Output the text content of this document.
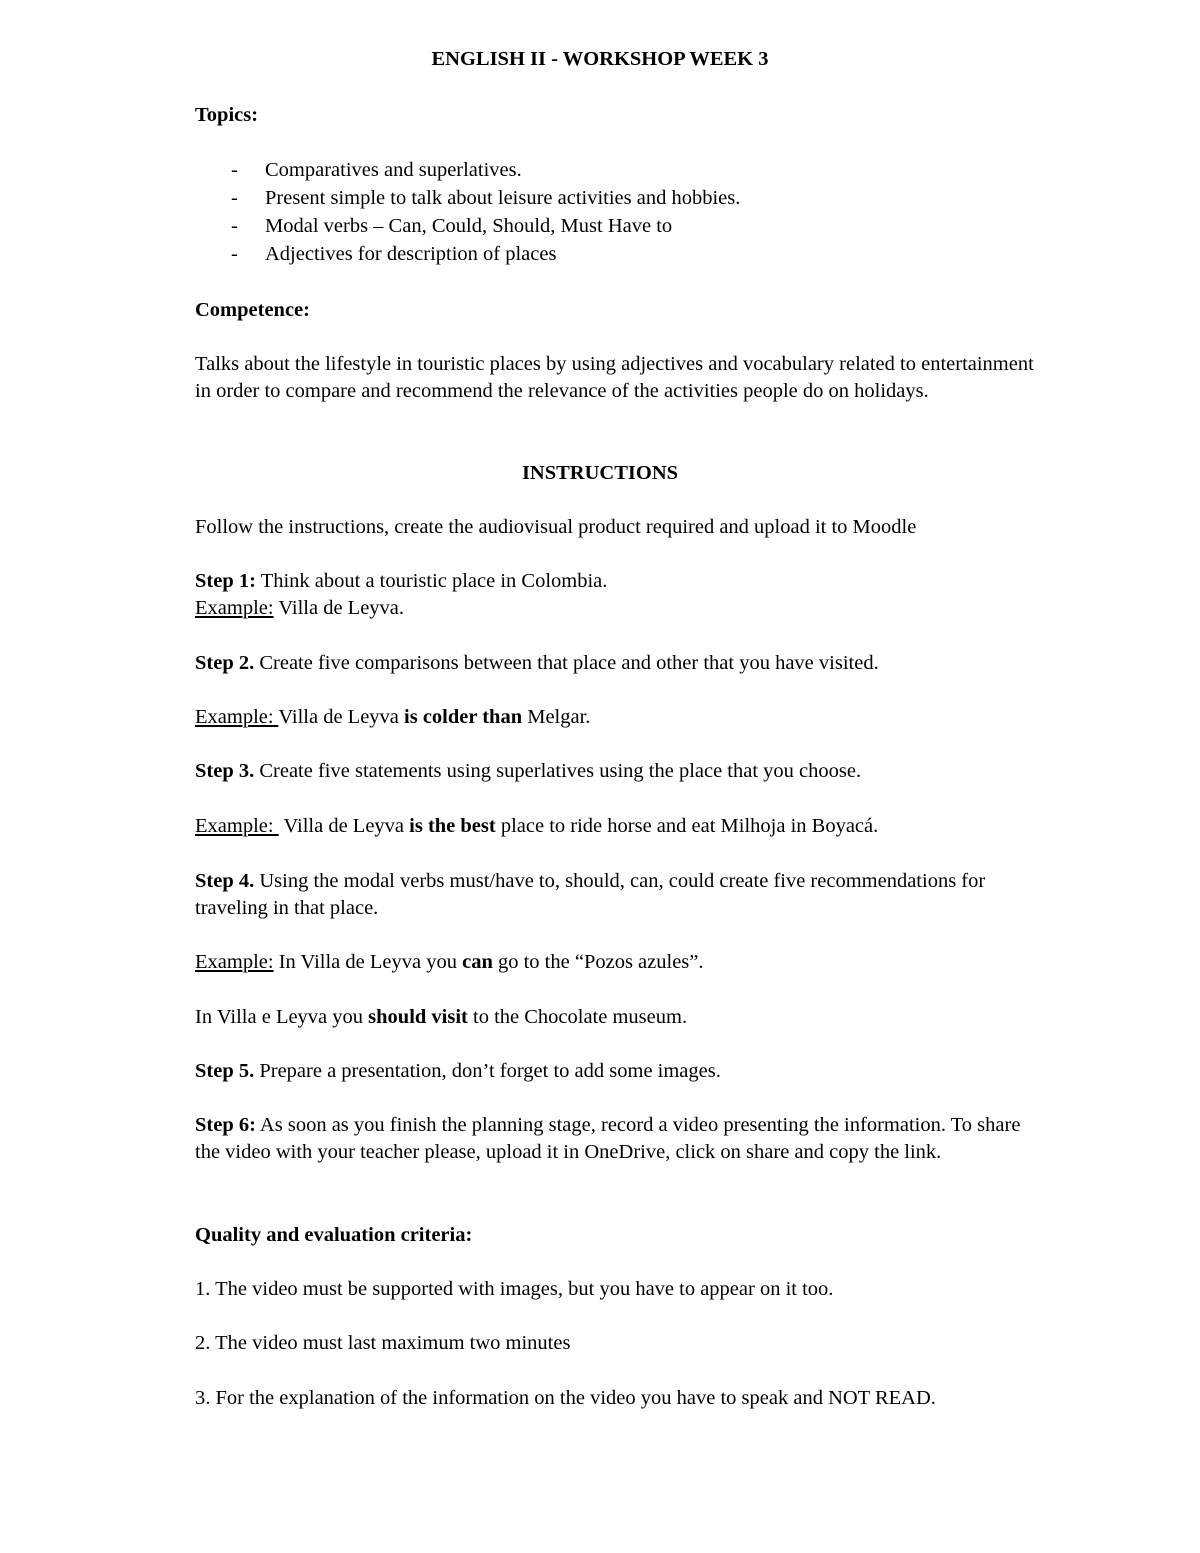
ENGLISH II - WORKSHOP WEEK 3

Topics:

- Comparatives and superlatives.
- Present simple to talk about leisure activities and hobbies.
- Modal verbs – Can, Could, Should, Must Have to
- Adjectives for description of places

Competence:

Talks about the lifestyle in touristic places by using adjectives and vocabulary related to entertainment in order to compare and recommend the relevance of the activities people do on holidays.

INSTRUCTIONS

Follow the instructions, create the audiovisual product required and upload it to Moodle

Step 1: Think about a touristic place in Colombia.

Example: Villa de Leyva.

Step 2. Create five comparisons between that place and other that you have visited.

Example: Villa de Leyva is colder than Melgar.

Step 3. Create five statements using superlatives using the place that you choose.

Example:  Villa de Leyva is the best place to ride horse and eat Milhoja in Boyacá.

Step 4. Using the modal verbs must/have to, should, can, could create five recommendations for traveling in that place.

Example: In Villa de Leyva you can go to the “Pozos azules”.

In Villa e Leyva you should visit to the Chocolate museum.

Step 5. Prepare a presentation, don’t forget to add some images.

Step 6: As soon as you finish the planning stage, record a video presenting the information. To share the video with your teacher please, upload it in OneDrive, click on share and copy the link.

Quality and evaluation criteria:

1. The video must be supported with images, but you have to appear on it too.

2. The video must last maximum two minutes

3. For the explanation of the information on the video you have to speak and NOT READ.
